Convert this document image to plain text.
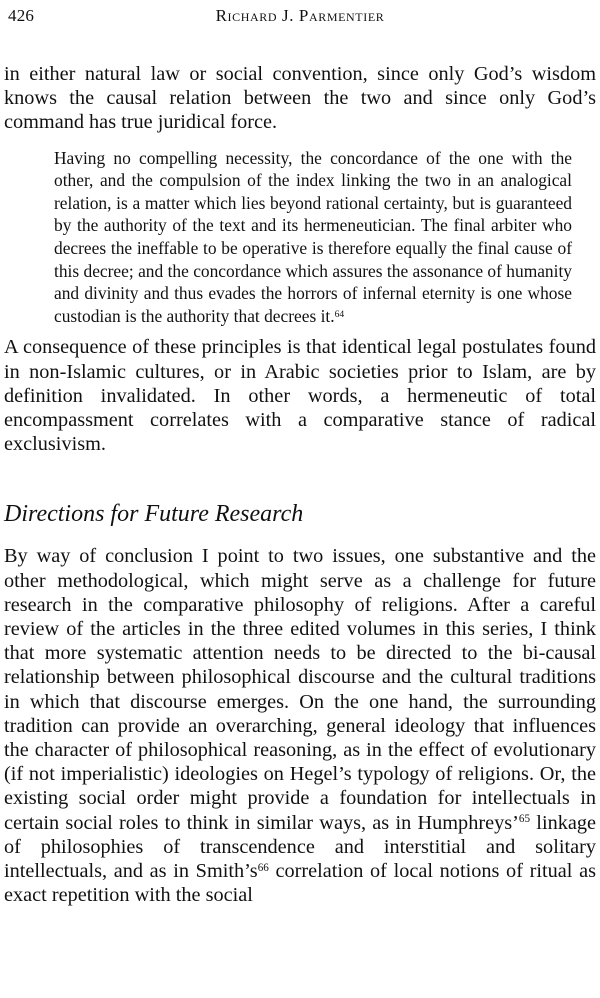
426	Richard J. Parmentier

in either natural law or social convention, since only God’s wisdom knows the causal relation between the two and since only God’s command has true juridical force.

Having no compelling necessity, the concordance of the one with the other, and the compulsion of the index linking the two in an analogical relation, is a matter which lies beyond rational certainty, but is guaranteed by the authority of the text and its hermeneutician. The final arbiter who decrees the ineffable to be operative is therefore equally the final cause of this decree; and the concordance which assures the assonance of humanity and divinity and thus evades the horrors of infernal eternity is one whose custodian is the authority that decrees it.$^{64}$

A consequence of these principles is that identical legal postulates found in non-Islamic cultures, or in Arabic societies prior to Islam, are by definition invalidated. In other words, a hermeneutic of total encompassment correlates with a comparative stance of radical exclusivism.

Directions for Future Research

By way of conclusion I point to two issues, one substantive and the other methodological, which might serve as a challenge for future research in the comparative philosophy of religions. After a careful review of the articles in the three edited volumes in this series, I think that more systematic attention needs to be directed to the bi-causal relationship between philosophical discourse and the cultural traditions in which that discourse emerges. On the one hand, the surrounding tradition can provide an overarching, general ideology that influences the character of philosophical reasoning, as in the effect of evolutionary (if not imperialistic) ideologies on Hegel’s typology of religions. Or, the existing social order might provide a foundation for intellectuals in certain social roles to think in similar ways, as in Humphreys’$^{65}$ linkage of philosophies of transcendence and interstitial and solitary intellectuals, and as in $Smith’s^{66}$ correlation of local notions of ritual as exact repetition with the social
